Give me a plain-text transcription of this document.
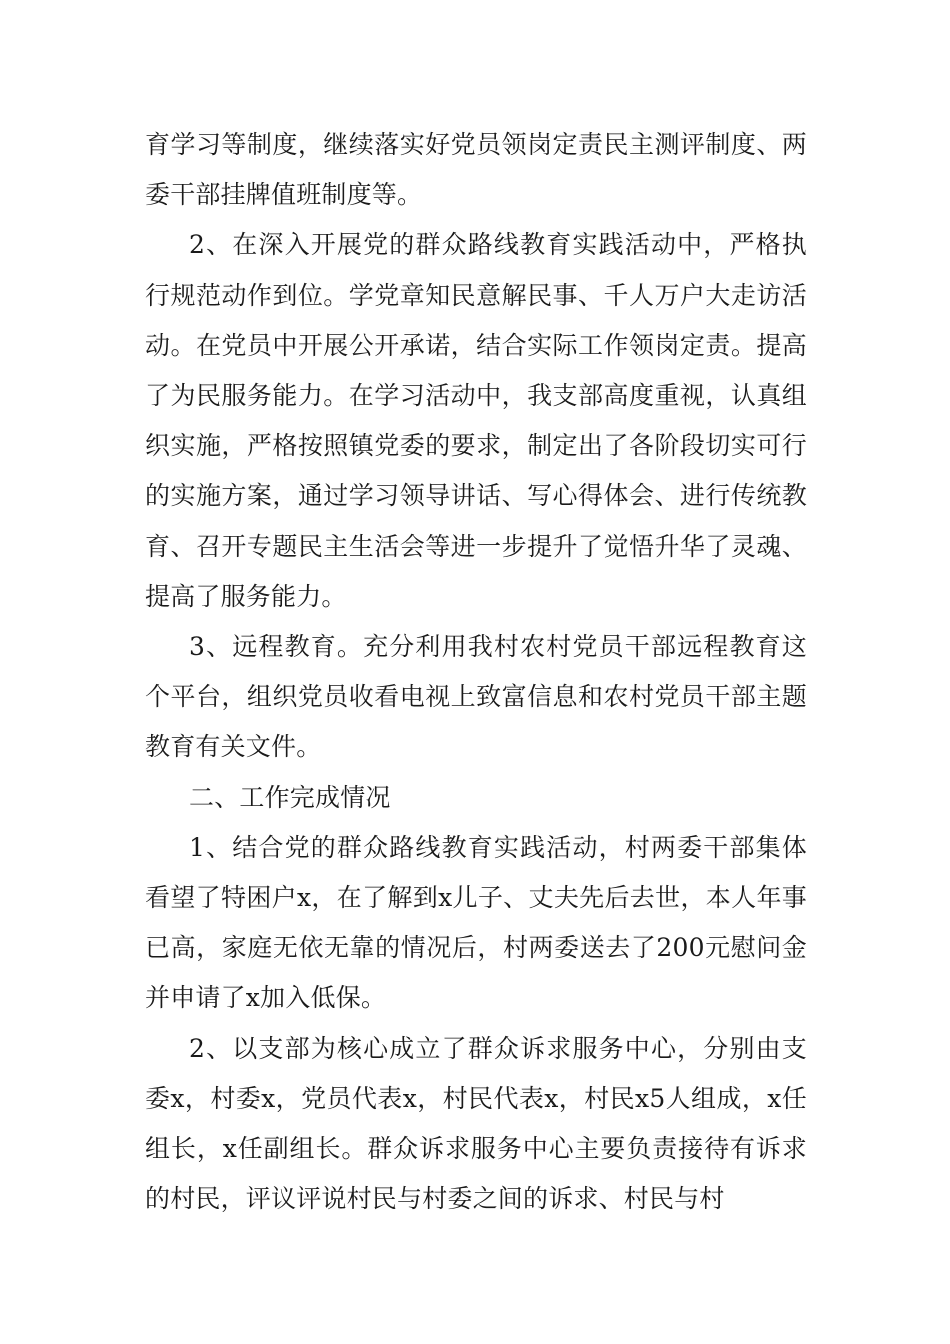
育学习等制度，继续落实好党员领岗定责民主测评制度、两委干部挂牌值班制度等。

2、在深入开展党的群众路线教育实践活动中，严格执行规范动作到位。学党章知民意解民事、千人万户大走访活动。在党员中开展公开承诺，结合实际工作领岗定责。提高了为民服务能力。在学习活动中，我支部高度重视，认真组织实施，严格按照镇党委的要求，制定出了各阶段切实可行的实施方案，通过学习领导讲话、写心得体会、进行传统教育、召开专题民主生活会等进一步提升了觉悟升华了灵魂、提高了服务能力。

3、远程教育。充分利用我村农村党员干部远程教育这个平台，组织党员收看电视上致富信息和农村党员干部主题教育有关文件。

二、工作完成情况

1、结合党的群众路线教育实践活动，村两委干部集体看望了特困户x，在了解到x儿子、丈夫先后去世，本人年事已高，家庭无依无靠的情况后，村两委送去了200元慰问金并申请了x加入低保。

2、以支部为核心成立了群众诉求服务中心，分别由支委x，村委x，党员代表x，村民代表x，村民x5人组成，x任组长，x任副组长。群众诉求服务中心主要负责接待有诉求的村民，评议评说村民与村委之间的诉求、村民与村
